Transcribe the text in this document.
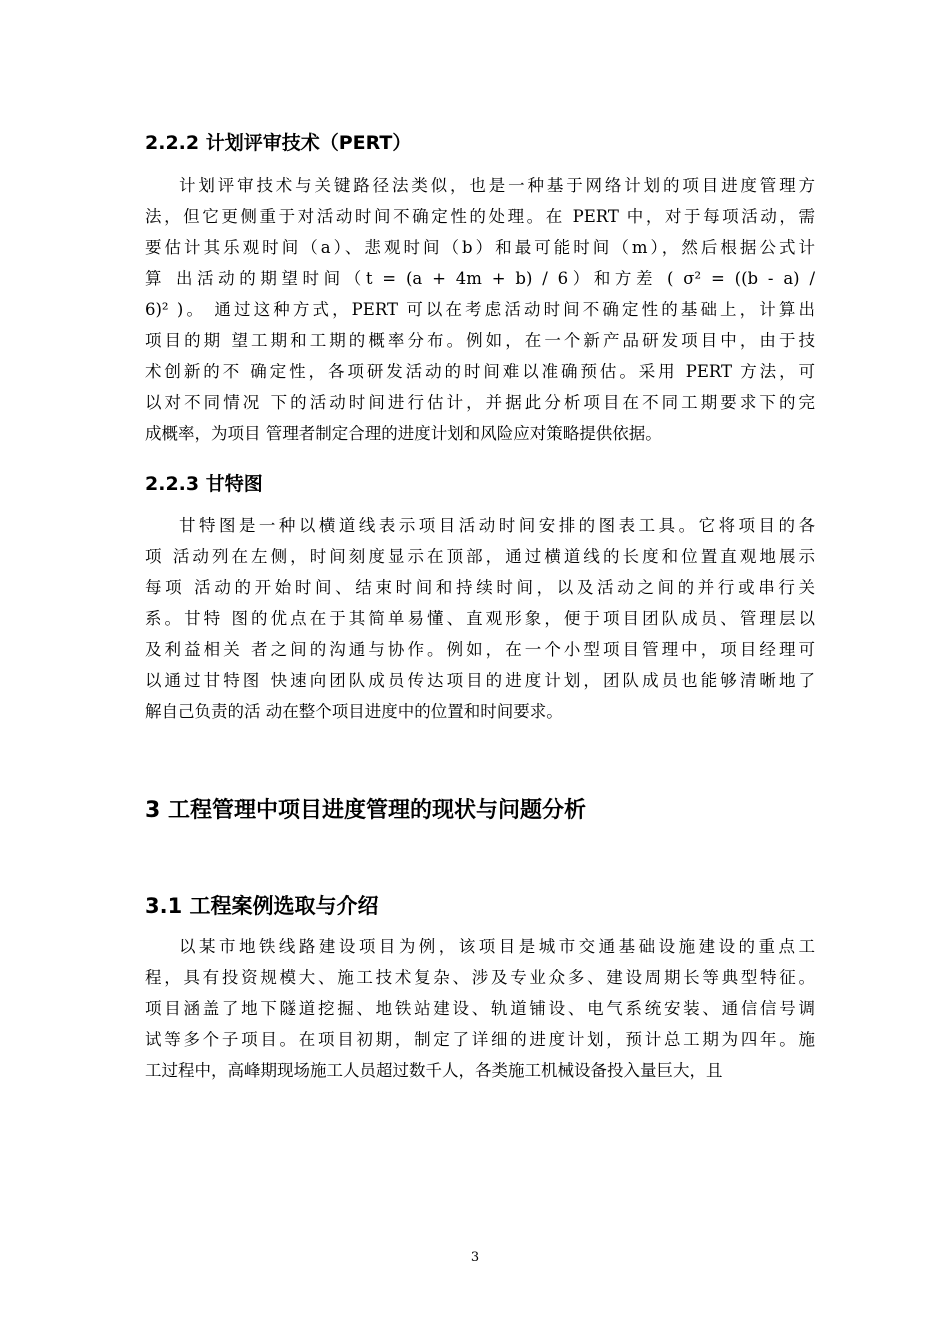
2.2.2 计划评审技术（PERT）
计划评审技术与关键路径法类似，也是一种基于网络计划的项目进度管理方
法，但它更侧重于对活动时间不确定性的处理。在 PERT 中，对于每项活动，需
要估计其乐观时间（a）、悲观时间（b）和最可能时间（m），然后根据公式计
算 出活动的期望时间（t = (a + 4m + b) / 6）和方差 ( σ² = ((b - a) /
6)² )。 通过这种方式，PERT 可以在考虑活动时间不确定性的基础上，计算出
项目的期 望工期和工期的概率分布。例如，在一个新产品研发项目中，由于技
术创新的不 确定性，各项研发活动的时间难以准确预估。采用 PERT 方法，可
以对不同情况 下的活动时间进行估计，并据此分析项目在不同工期要求下的完
成概率，为项目 管理者制定合理的进度计划和风险应对策略提供依据。
2.2.3 甘特图
甘特图是一种以横道线表示项目活动时间安排的图表工具。它将项目的各
项 活动列在左侧，时间刻度显示在顶部，通过横道线的长度和位置直观地展示
每项 活动的开始时间、结束时间和持续时间，以及活动之间的并行或串行关
系。甘特 图的优点在于其简单易懂、直观形象，便于项目团队成员、管理层以
及利益相关 者之间的沟通与协作。例如，在一个小型项目管理中，项目经理可
以通过甘特图 快速向团队成员传达项目的进度计划，团队成员也能够清晰地了
解自己负责的活 动在整个项目进度中的位置和时间要求。
3 工程管理中项目进度管理的现状与问题分析
3.1 工程案例选取与介绍
以某市地铁线路建设项目为例，该项目是城市交通基础设施建设的重点工
程，具有投资规模大、施工技术复杂、涉及专业众多、建设周期长等典型特征。
项目涵盖了地下隧道挖掘、地铁站建设、轨道铺设、电气系统安装、通信信号调
试等多个子项目。在项目初期，制定了详细的进度计划，预计总工期为四年。施
工过程中，高峰期现场施工人员超过数千人，各类施工机械设备投入量巨大，且
3
